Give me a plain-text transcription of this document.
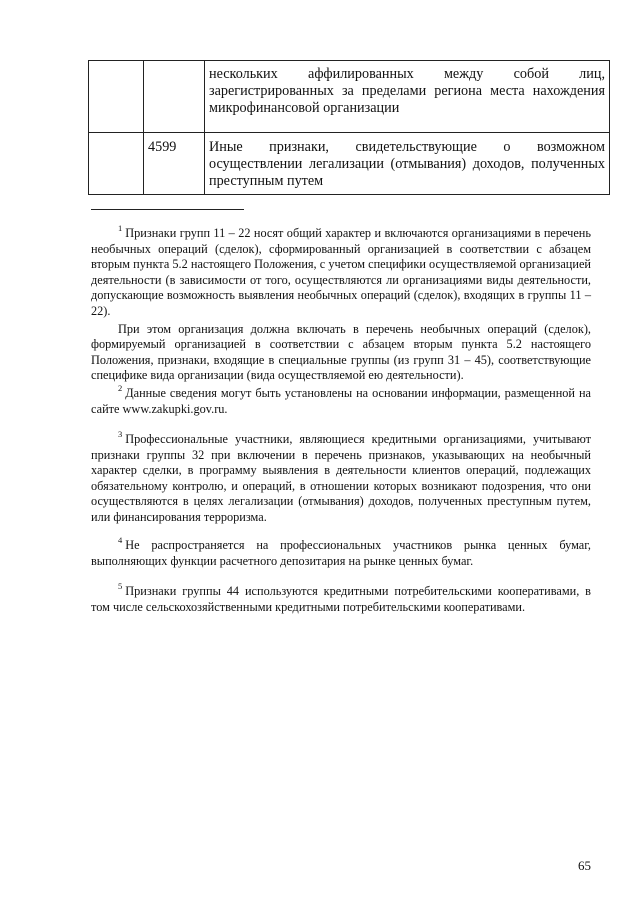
		нескольких аффилированных между собой лиц, зарегистрированных за пределами региона места нахождения микрофинансовой организации
	4599	Иные признаки, свидетельствующие о возможном осуществлении легализации (отмывания) доходов, полученных преступным путем

$^1$ Признаки групп 11 – 22 носят общий характер и включаются организациями в перечень необычных операций (сделок), сформированный организацией в соответствии с абзацем вторым пункта 5.2 настоящего Положения, с учетом специфики осуществляемой организацией деятельности (в зависимости от того, осуществляются ли организациями виды деятельности, допускающие возможность выявления необычных операций (сделок), входящих в группы 11 – 22).

При этом организация должна включать в перечень необычных операций (сделок), формируемый организацией в соответствии с абзацем вторым пункта 5.2 настоящего Положения, признаки, входящие в специальные группы (из групп 31 – 45), соответствующие специфике вида организации (вида осуществляемой ею деятельности).

$^2$ Данные сведения могут быть установлены на основании информации, размещенной на сайте www.zakupki.gov.ru.

$^3$ Профессиональные участники, являющиеся кредитными организациями, учитывают признаки группы 32 при включении в перечень признаков, указывающих на необычный характер сделки, в программу выявления в деятельности клиентов операций, подлежащих обязательному контролю, и операций, в отношении которых возникают подозрения, что они осуществляются в целях легализации (отмывания) доходов, полученных преступным путем, или финансирования терроризма.

$^4$ Не распространяется на профессиональных участников рынка ценных бумаг, выполняющих функции расчетного депозитария на рынке ценных бумаг.

$^5$ Признаки группы 44 используются кредитными потребительскими кооперативами, в том числе сельскохозяйственными кредитными потребительскими кооперативами.

65
